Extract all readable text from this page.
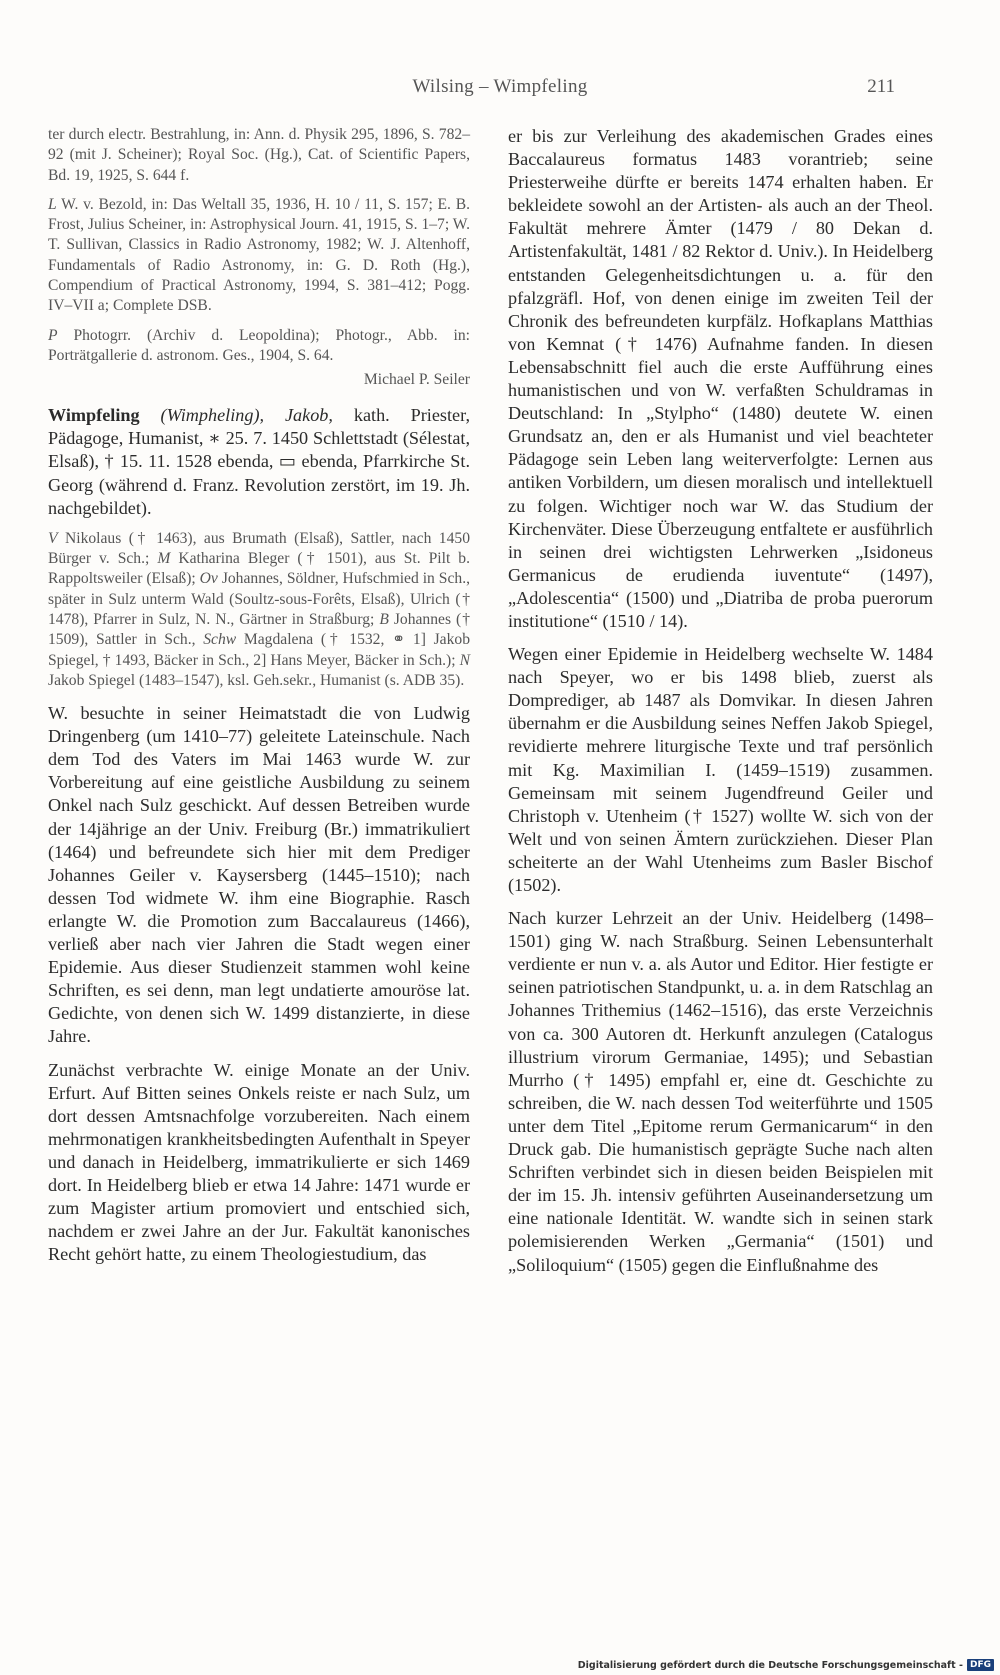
Wilsing – Wimpfeling	211

ter durch electr. Bestrahlung, in: Ann. d. Physik 295, 1896, S. 782–92 (mit J. Scheiner); Royal Soc. (Hg.), Cat. of Scientific Papers, Bd. 19, 1925, S. 644 f.

L W. v. Bezold, in: Das Weltall 35, 1936, H. 10 / 11, S. 157; E. B. Frost, Julius Scheiner, in: Astrophysical Journ. 41, 1915, S. 1–7; W. T. Sullivan, Classics in Radio Astronomy, 1982; W. J. Altenhoff, Fundamentals of Radio Astronomy, in: G. D. Roth (Hg.), Compendium of Practical Astronomy, 1994, S. 381–412; Pogg. IV–VII a; Complete DSB.

P Photogrr. (Archiv d. Leopoldina); Photogr., Abb. in: Porträtgallerie d. astronom. Ges., 1904, S. 64.

Michael P. Seiler

Wimpfeling (Wimpheling), Jakob, kath. Priester, Pädagoge, Humanist, ∗ 25. 7. 1450 Schlettstadt (Sélestat, Elsaß), † 15. 11. 1528 ebenda, ▭ ebenda, Pfarrkirche St. Georg (während d. Franz. Revolution zerstört, im 19. Jh. nachgebildet).

V Nikolaus († 1463), aus Brumath (Elsaß), Sattler, nach 1450 Bürger v. Sch.; M Katharina Bleger († 1501), aus St. Pilt b. Rappoltsweiler (Elsaß); Ov Johannes, Söldner, Hufschmied in Sch., später in Sulz unterm Wald (Soultz-sous-Forêts, Elsaß), Ulrich († 1478), Pfarrer in Sulz, N. N., Gärtner in Straßburg; B Johannes († 1509), Sattler in Sch., Schw Magdalena († 1532, ⚭ 1] Jakob Spiegel, † 1493, Bäcker in Sch., 2] Hans Meyer, Bäcker in Sch.); N Jakob Spiegel (1483–1547), ksl. Geh.sekr., Humanist (s. ADB 35).

W. besuchte in seiner Heimatstadt die von Ludwig Dringenberg (um 1410–77) geleitete Lateinschule. Nach dem Tod des Vaters im Mai 1463 wurde W. zur Vorbereitung auf eine geistliche Ausbildung zu seinem Onkel nach Sulz geschickt. Auf dessen Betreiben wurde der 14jährige an der Univ. Freiburg (Br.) immatrikuliert (1464) und befreundete sich hier mit dem Prediger Johannes Geiler v. Kaysersberg (1445–1510); nach dessen Tod widmete W. ihm eine Biographie. Rasch erlangte W. die Promotion zum Baccalaureus (1466), verließ aber nach vier Jahren die Stadt wegen einer Epidemie. Aus dieser Studienzeit stammen wohl keine Schriften, es sei denn, man legt undatierte amouröse lat. Gedichte, von denen sich W. 1499 distanzierte, in diese Jahre.

Zunächst verbrachte W. einige Monate an der Univ. Erfurt. Auf Bitten seines Onkels reiste er nach Sulz, um dort dessen Amtsnachfolge vorzubereiten. Nach einem mehrmonatigen krankheitsbedingten Aufenthalt in Speyer und danach in Heidelberg, immatrikulierte er sich 1469 dort. In Heidelberg blieb er etwa 14 Jahre: 1471 wurde er zum Magister artium promoviert und entschied sich, nachdem er zwei Jahre an der Jur. Fakultät kanonisches Recht gehört hatte, zu einem Theologiestudium, das

er bis zur Verleihung des akademischen Grades eines Baccalaureus formatus 1483 vorantrieb; seine Priesterweihe dürfte er bereits 1474 erhalten haben. Er bekleidete sowohl an der Artisten- als auch an der Theol. Fakultät mehrere Ämter (1479 / 80 Dekan d. Artistenfakultät, 1481 / 82 Rektor d. Univ.). In Heidelberg entstanden Gelegenheitsdichtungen u. a. für den pfalzgräfl. Hof, von denen einige im zweiten Teil der Chronik des befreundeten kurpfälz. Hofkaplans Matthias von Kemnat († 1476) Aufnahme fanden. In diesen Lebensabschnitt fiel auch die erste Aufführung eines humanistischen und von W. verfaßten Schuldramas in Deutschland: In „Stylpho“ (1480) deutete W. einen Grundsatz an, den er als Humanist und viel beachteter Pädagoge sein Leben lang weiterverfolgte: Lernen aus antiken Vorbildern, um diesen moralisch und intellektuell zu folgen. Wichtiger noch war W. das Studium der Kirchenväter. Diese Überzeugung entfaltete er ausführlich in seinen drei wichtigsten Lehrwerken „Isidoneus Germanicus de erudienda iuventute“ (1497), „Adolescentia“ (1500) und „Diatriba de proba puerorum institutione“ (1510 / 14).

Wegen einer Epidemie in Heidelberg wechselte W. 1484 nach Speyer, wo er bis 1498 blieb, zuerst als Domprediger, ab 1487 als Domvikar. In diesen Jahren übernahm er die Ausbildung seines Neffen Jakob Spiegel, revidierte mehrere liturgische Texte und traf persönlich mit Kg. Maximilian I. (1459–1519) zusammen. Gemeinsam mit seinem Jugendfreund Geiler und Christoph v. Utenheim († 1527) wollte W. sich von der Welt und von seinen Ämtern zurückziehen. Dieser Plan scheiterte an der Wahl Utenheims zum Basler Bischof (1502).

Nach kurzer Lehrzeit an der Univ. Heidelberg (1498–1501) ging W. nach Straßburg. Seinen Lebensunterhalt verdiente er nun v. a. als Autor und Editor. Hier festigte er seinen patriotischen Standpunkt, u. a. in dem Ratschlag an Johannes Trithemius (1462–1516), das erste Verzeichnis von ca. 300 Autoren dt. Herkunft anzulegen (Catalogus illustrium virorum Germaniae, 1495); und Sebastian Murrho († 1495) empfahl er, eine dt. Geschichte zu schreiben, die W. nach dessen Tod weiterführte und 1505 unter dem Titel „Epitome rerum Germanicarum“ in den Druck gab. Die humanistisch geprägte Suche nach alten Schriften verbindet sich in diesen beiden Beispielen mit der im 15. Jh. intensiv geführten Auseinandersetzung um eine nationale Identität. W. wandte sich in seinen stark polemisierenden Werken „Germania“ (1501) und „Soliloquium“ (1505) gegen die Einflußnahme des

Digitalisierung gefördert durch die Deutsche Forschungsgemeinschaft - DFG
